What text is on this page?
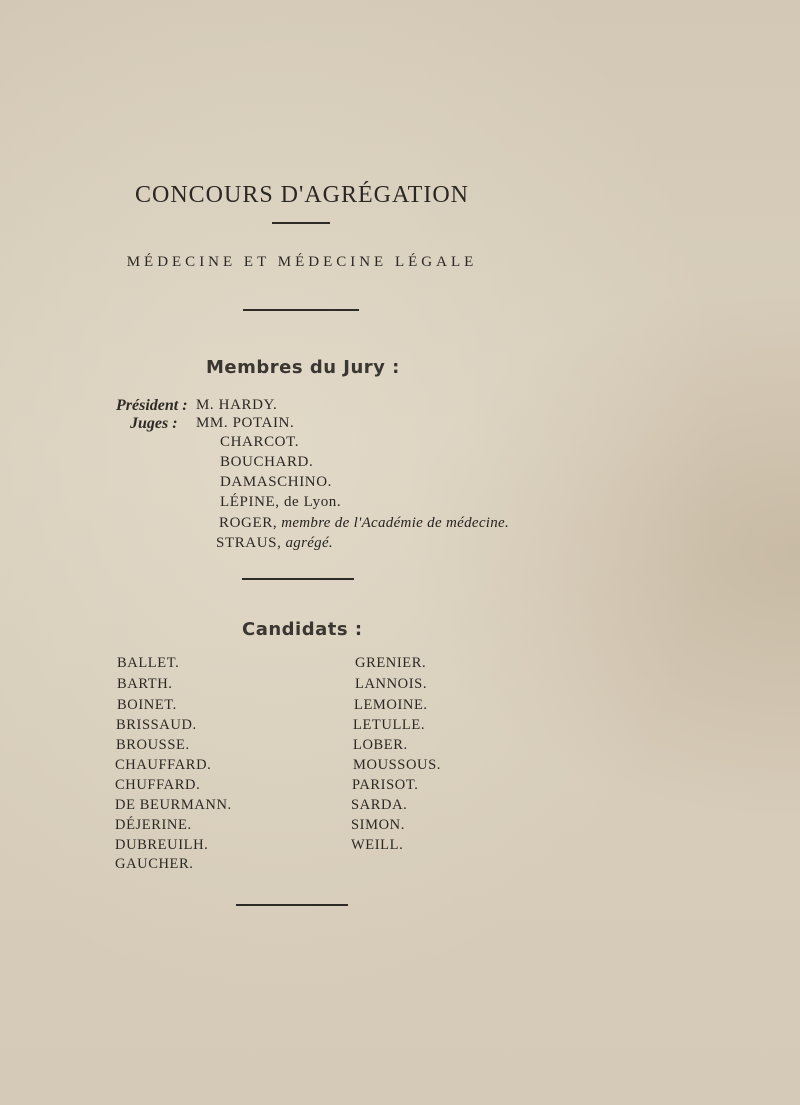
CONCOURS D'AGRÉGATION
MÉDECINE ET MÉDECINE LÉGALE
Membres du Jury :
Président : M. HARDY.
Juges : MM. POTAIN.
CHARCOT.
BOUCHARD.
DAMASCHINO.
LÉPINE, de Lyon.
ROGER, membre de l'Académie de médecine.
STRAUS, agrégé.
Candidats :
BALLET.
BARTH.
BOINET.
BRISSAUD.
BROUSSE.
CHAUFFARD.
CHUFFARD.
DE BEURMANN.
DÉJERINE.
DUBREUILH.
GAUCHER.
GRENIER.
LANNOIS.
LEMOINE.
LETULLE.
LOBER.
MOUSSOUS.
PARISOT.
SARDA.
SIMON.
WEILL.
